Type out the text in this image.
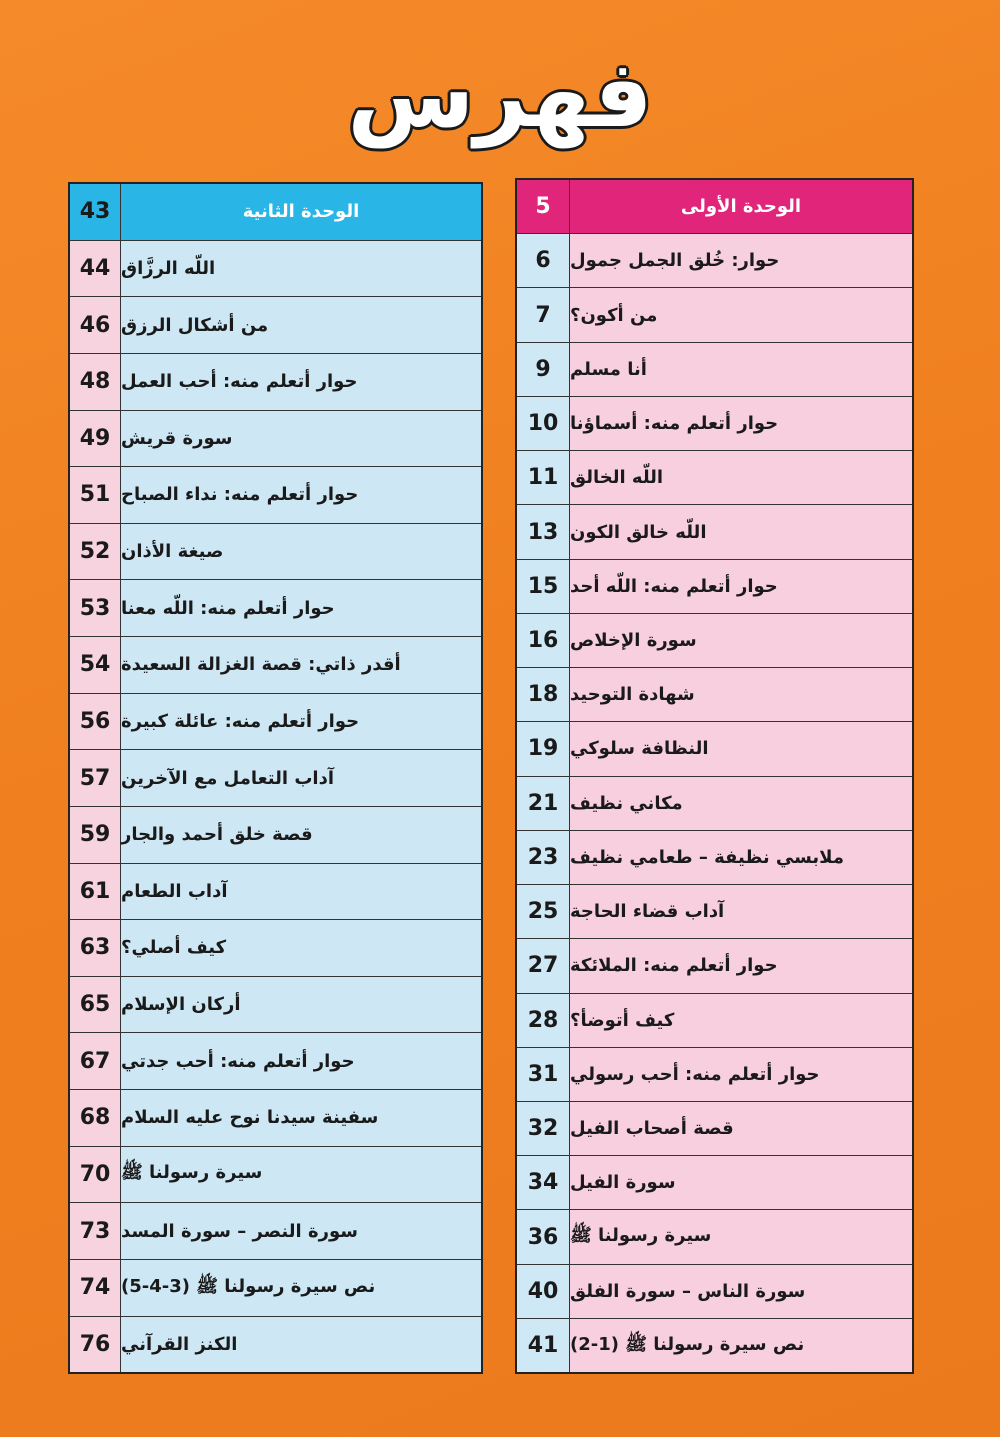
فهرس
43	الوحدة الثانية
44 اللّه الرزَّاق
46 من أشكال الرزق
48 حوار أتعلم منه: أحب العمل
49 سورة قريش
51 حوار أتعلم منه: نداء الصباح
52 صيغة الأذان
53 حوار أتعلم منه: اللّه معنا
54 أقدر ذاتي: قصة الغزالة السعيدة
56 حوار أتعلم منه: عائلة كبيرة
57 آداب التعامل مع الآخرين
59 قصة خلق أحمد والجار
61 آداب الطعام
63 كيف أصلي؟
65 أركان الإسلام
67 حوار أتعلم منه: أحب جدتي
68 سفينة سيدنا نوح عليه السلام
70 سيرة رسولنا ﷺ
73 سورة النصر – سورة المسد
74 نص سيرة رسولنا ﷺ (3-4-5)
76 الكنز القرآني
5	الوحدة الأولى
6	حوار: خُلق الجمل جمول
7	من أكون؟
9	أنا مسلم
10 حوار أتعلم منه: أسماؤنا
11 اللّه الخالق
13 اللّه خالق الكون
15 حوار أتعلم منه: اللّه أحد
16 سورة الإخلاص
18 شهادة التوحيد
19 النظافة سلوكي
21 مكاني نظيف
23 ملابسي نظيفة – طعامي نظيف
25 آداب قضاء الحاجة
27 حوار أتعلم منه: الملائكة
28 كيف أتوضأ؟
31 حوار أتعلم منه: أحب رسولي
32 قصة أصحاب الفيل
34 سورة الفيل
36 سيرة رسولنا ﷺ
40 سورة الناس – سورة الفلق
41 نص سيرة رسولنا ﷺ (1-2)
